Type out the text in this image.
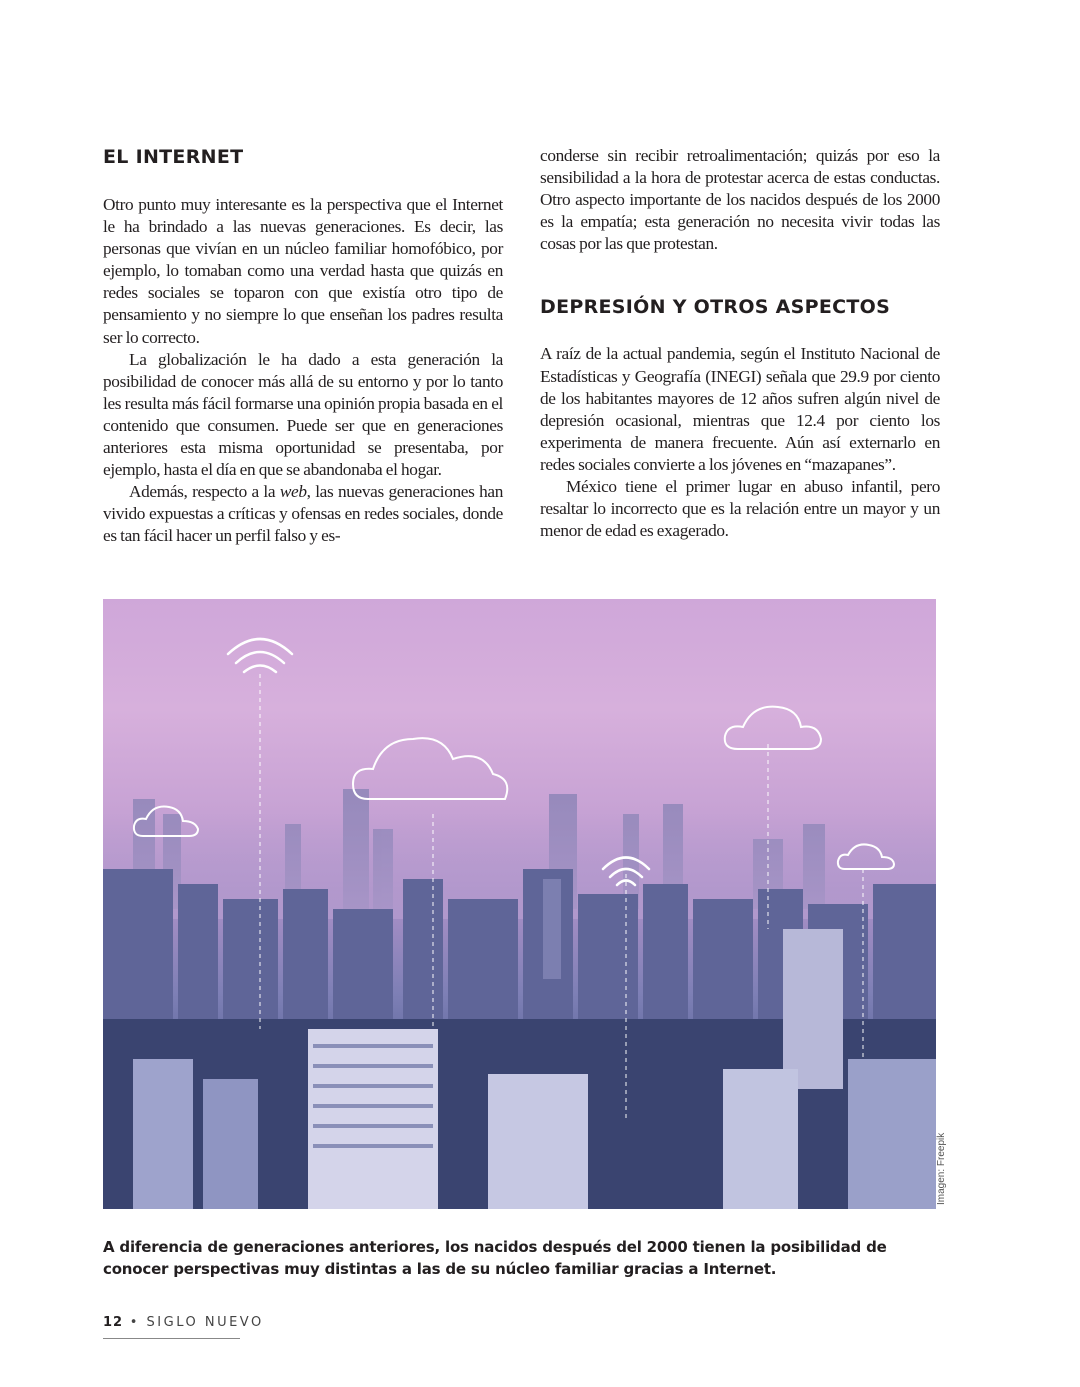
EL INTERNET

Otro punto muy interesante es la perspectiva que el Internet le ha brindado a las nuevas generaciones. Es decir, las personas que vivían en un núcleo familiar homofóbico, por ejemplo, lo tomaban como una verdad hasta que quizás en redes sociales se toparon con que existía otro tipo de pensamiento y no siempre lo que enseñan los padres resulta ser lo correcto.

La globalización le ha dado a esta generación la posibilidad de conocer más allá de su entorno y por lo tanto les resulta más fácil formarse una opinión propia basada en el contenido que consumen. Puede ser que en generaciones anteriores esta misma oportunidad se presentaba, por ejemplo, hasta el día en que se abandonaba el hogar.

Además, respecto a la web, las nuevas generaciones han vivido expuestas a críticas y ofensas en redes sociales, donde es tan fácil hacer un perfil falso y es-

conderse sin recibir retroalimentación; quizás por eso la sensibilidad a la hora de protestar acerca de estas conductas. Otro aspecto importante de los nacidos después de los 2000 es la empatía; esta generación no necesita vivir todas las cosas por las que protestan.

DEPRESIÓN Y OTROS ASPECTOS

A raíz de la actual pandemia, según el Instituto Nacional de Estadísticas y Geografía (INEGI) señala que 29.9 por ciento de los habitantes mayores de 12 años sufren algún nivel de depresión ocasional, mientras que 12.4 por ciento los experimenta de manera frecuente. Aún así externarlo en redes sociales convierte a los jóvenes en “mazapanes”.

México tiene el primer lugar en abuso infantil, pero resaltar lo incorrecto que es la relación entre un mayor y un menor de edad es exagerado.

Imagen: Freepik

A diferencia de generaciones anteriores, los nacidos después del 2000 tienen la posibilidad de conocer perspectivas muy distintas a las de su núcleo familiar gracias a Internet.

12 • SIGLO NUEVO
